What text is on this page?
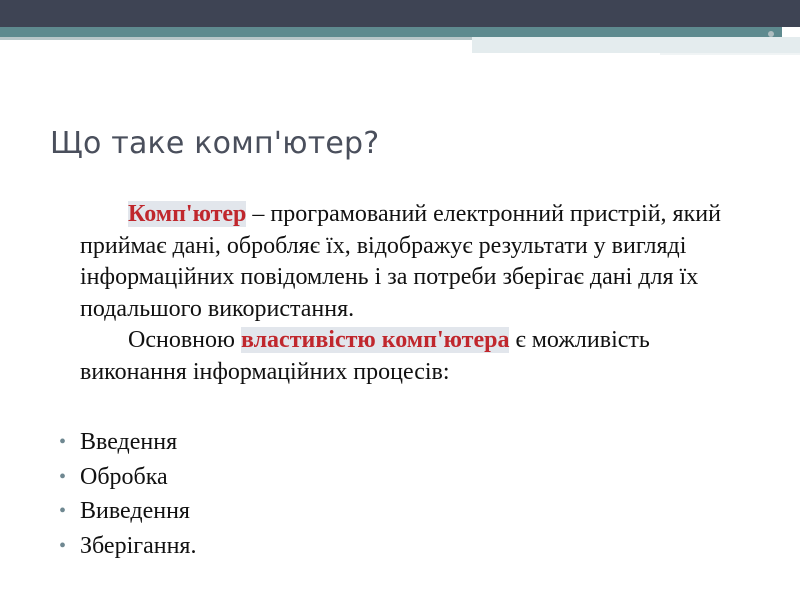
Що таке комп'ютер?

Комп'ютер – програмований електронний пристрій, який приймає дані, обробляє їх, відображує результати у вигляді інформаційних повідомлень і за потреби зберігає дані для їх подальшого використання.

Основною властивістю комп'ютера є можливість виконання інформаційних процесів:

• Введення
• Обробка
• Виведення
• Зберігання.
